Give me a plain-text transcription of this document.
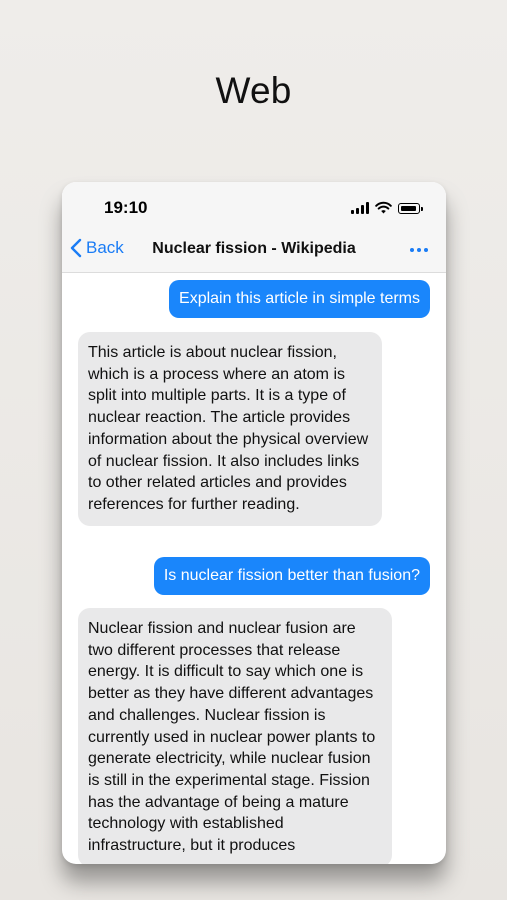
Web
19:10
Back	Nuclear fission - Wikipedia
Explain this article in simple terms
This article is about nuclear fission, which is a process where an atom is split into multiple parts. It is a type of nuclear reaction. The article provides information about the physical overview of nuclear fission. It also includes links to other related articles and provides references for further reading.
Is nuclear fission better than fusion?
Nuclear fission and nuclear fusion are two different processes that release energy. It is difficult to say which one is better as they have different advantages and challenges. Nuclear fission is currently used in nuclear power plants to generate electricity, while nuclear fusion is still in the experimental stage. Fission has the advantage of being a mature technology with established infrastructure, but it produces
